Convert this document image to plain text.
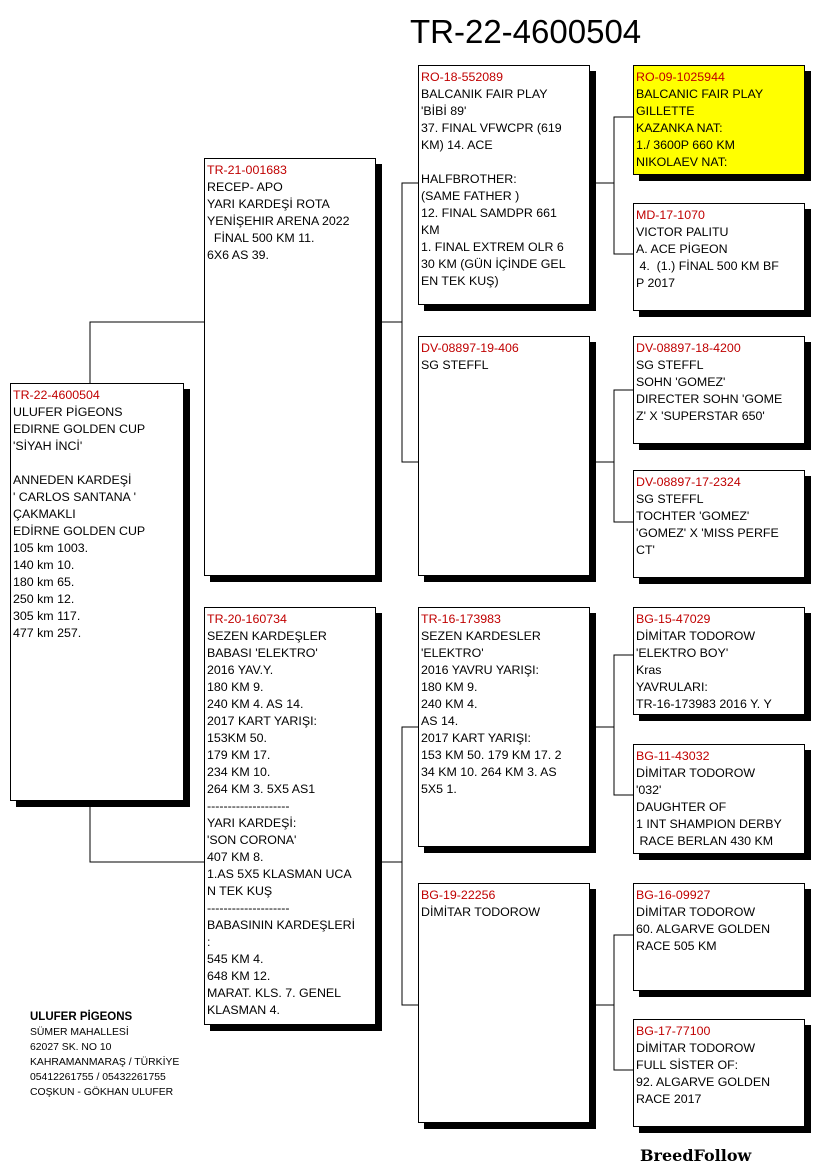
TR-22-4600504
TR-22-4600504
ULUFER PİGEONS
EDIRNE GOLDEN CUP
'SİYAH İNCİ'

ANNEDEN KARDEŞİ
' CARLOS SANTANA '
ÇAKMAKLI
EDİRNE GOLDEN CUP
105 km 1003.
140 km 10.
180 km 65.
250 km 12.
305 km 117.
477 km 257.
TR-21-001683
RECEP- APO
YARI KARDEŞİ ROTA
YENİŞEHIR ARENA 2022
FİNAL 500 KM 11.
6X6 AS 39.
TR-20-160734
SEZEN KARDEŞLER
BABASI 'ELEKTRO'
2016 YAV.Y.
180 KM 9.
240 KM 4. AS 14.
2017 KART YARIŞI:
153KM 50.
179 KM 17.
234 KM 10.
264 KM 3. 5X5 AS1
--------------------
YARI KARDEŞİ:
'SON CORONA'
407 KM 8.
1.AS 5X5 KLASMAN UCA
N TEK KUŞ
--------------------
BABASININ KARDEŞLERİ
:
545 KM 4.
648 KM 12.
MARAT. KLS. 7. GENEL
KLASMAN 4.
RO-18-552089
BALCANIK FAIR PLAY
'BİBİ 89'
37. FINAL VFWCPR (619
KM) 14. ACE

HALFBROTHER:
(SAME FATHER )
12. FINAL SAMDPR 661
KM
1. FINAL EXTREM OLR 6
30 KM (GÜN İÇİNDE GEL
EN TEK KUŞ)
DV-08897-19-406
SG STEFFL
TR-16-173983
SEZEN KARDESLER
'ELEKTRO'
2016 YAVRU YARIŞI:
180 KM 9.
240 KM 4.
AS 14.
2017 KART YARIŞI:
153 KM 50. 179 KM 17. 2
34 KM 10. 264 KM 3. AS
5X5 1.
BG-19-22256
DİMİTAR TODOROW
RO-09-1025944
BALCANIC FAIR PLAY
GILLETTE
KAZANKA NAT:
1./ 3600P 660 KM
NIKOLAEV NAT:
MD-17-1070
VICTOR PALITU
A. ACE PİGEON
4.  (1.) FİNAL 500 KM BF
P 2017
DV-08897-18-4200
SG STEFFL
SOHN 'GOMEZ'
DIRECTER SOHN 'GOME
Z' X 'SUPERSTAR 650'
DV-08897-17-2324
SG STEFFL
TOCHTER 'GOMEZ'
'GOMEZ' X 'MISS PERFE
CT'
BG-15-47029
DİMİTAR TODOROW
'ELEKTRO BOY'
Kras
YAVRULARI:
TR-16-173983 2016 Y. Y
BG-11-43032
DİMİTAR TODOROW
'032'
DAUGHTER OF
1 INT SHAMPION DERBY
RACE BERLAN 430 KM
BG-16-09927
DİMİTAR TODOROW
60. ALGARVE GOLDEN
RACE 505 KM
BG-17-77100
DİMİTAR TODOROW
FULL SİSTER OF:
92. ALGARVE GOLDEN
RACE 2017
ULUFER PİGEONS
SÜMER MAHALLESİ
62027 SK. NO 10
KAHRAMANMARAŞ / TÜRKİYE
05412261755 / 05432261755
COŞKUN - GÖKHAN ULUFER
BreedFollow
